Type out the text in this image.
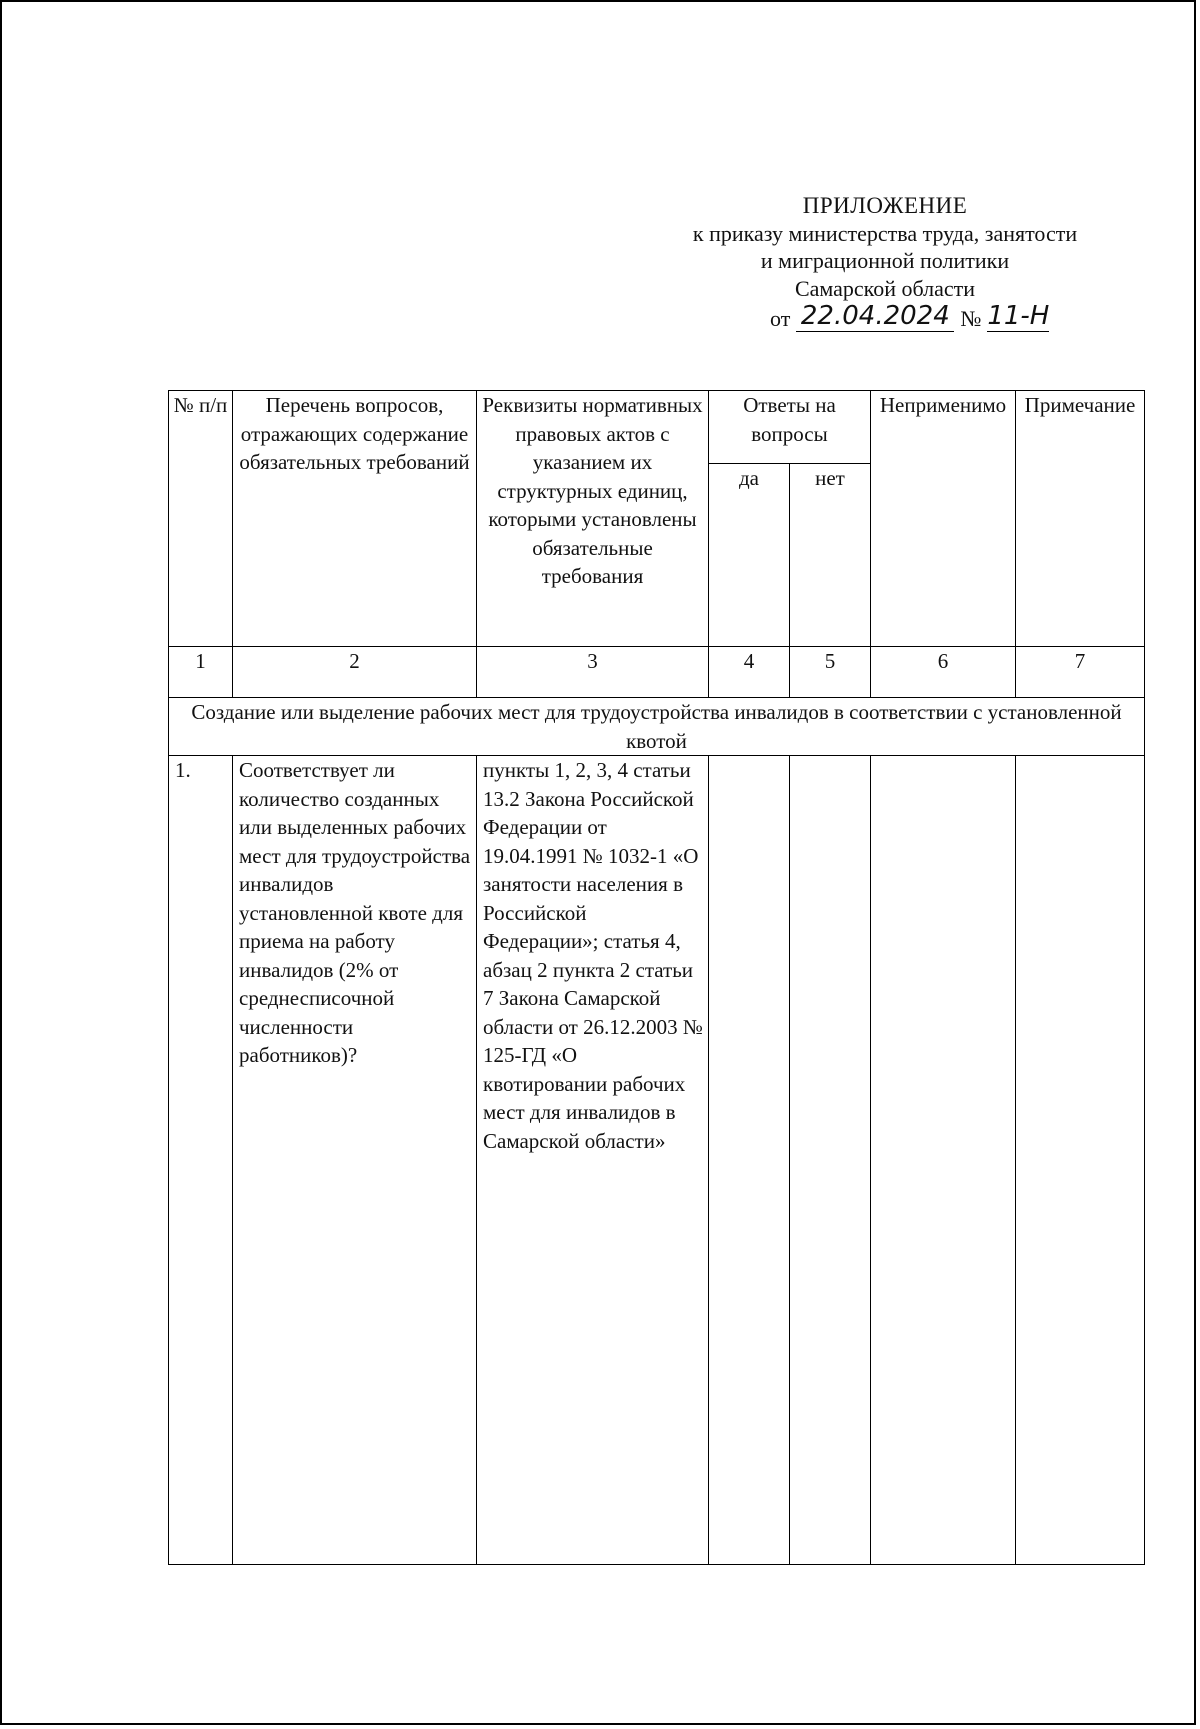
ПРИЛОЖЕНИЕ
к приказу министерства труда, занятости
и миграционной политики
Самарской области
от 22.04.2024 № 11-Н
№ п/п	Перечень вопросов, отражающих содержание обязательных требований	Реквизиты нормативных правовых актов с указанием их структурных единиц, которыми установлены обязательные требования	Ответы на вопросы		Неприменимо	Примечание
			да	нет		
1	2	3	4	5	6	7
Создание или выделение рабочих мест для трудоустройства инвалидов в соответствии с установленной квотой						
1.	Соответствует ли количество созданных или выделенных рабочих мест для трудоустройства инвалидов установленной квоте для приема на работу инвалидов (2% от среднесписочной численности работников)?	пункты 1, 2, 3, 4 статьи 13.2 Закона Российской Федерации от 19.04.1991 № 1032-1 «О занятости населения в Российской Федерации»; статья 4, абзац 2 пункта 2 статьи 7 Закона Самарской области от 26.12.2003 № 125-ГД «О квотировании рабочих мест для инвалидов в Самарской области»				
